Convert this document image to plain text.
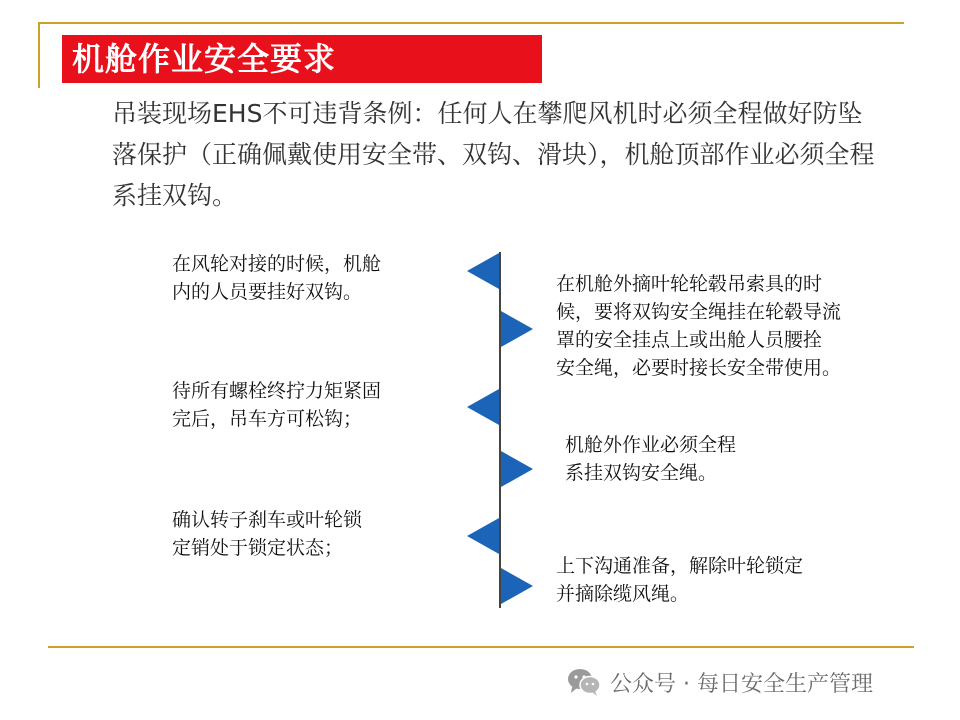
机舱作业安全要求
吊装现场EHS不可违背条例：任何人在攀爬风机时必须全程做好防坠落保护（正确佩戴使用安全带、双钩、滑块），机舱顶部作业必须全程系挂双钩。
在风轮对接的时候，机舱
内的人员要挂好双钩。
待所有螺栓终拧力矩紧固
完后，吊车方可松钩；
确认转子刹车或叶轮锁
定销处于锁定状态；
在机舱外摘叶轮轮毂吊索具的时
候，要将双钩安全绳挂在轮毂导流
罩的安全挂点上或出舱人员腰拴
安全绳，必要时接长安全带使用。
机舱外作业必须全程
系挂双钩安全绳。
上下沟通准备，解除叶轮锁定
并摘除缆风绳。
公众号 · 每日安全生产管理
